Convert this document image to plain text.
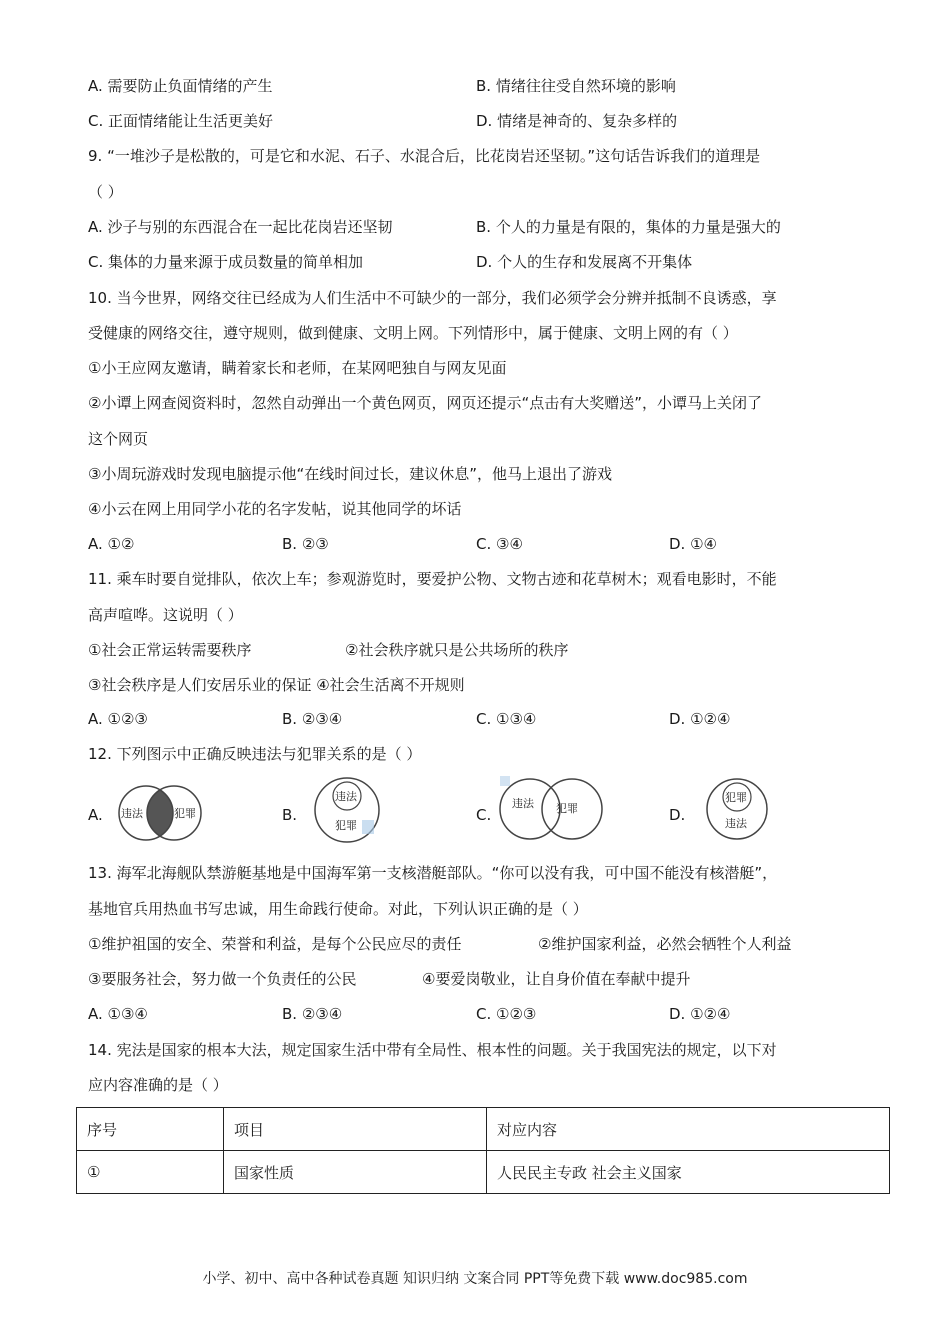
A. 需要防止负面情绪的产生	B. 情绪往往受自然环境的影响
C. 正面情绪能让生活更美好	D. 情绪是神奇的、复杂多样的
9. “一堆沙子是松散的，可是它和水泥、石子、水混合后，比花岗岩还坚韧。”这句话告诉我们的道理是
（ ）
A. 沙子与别的东西混合在一起比花岗岩还坚韧	B. 个人的力量是有限的，集体的力量是强大的
C. 集体的力量来源于成员数量的简单相加	D. 个人的生存和发展离不开集体
10. 当今世界，网络交往已经成为人们生活中不可缺少的一部分，我们必须学会分辨并抵制不良诱惑，享
受健康的网络交往，遵守规则，做到健康、文明上网。下列情形中，属于健康、文明上网的有（ ）
①小王应网友邀请，瞒着家长和老师，在某网吧独自与网友见面
②小谭上网查阅资料时，忽然自动弹出一个黄色网页，网页还提示“点击有大奖赠送”，小谭马上关闭了
这个网页
③小周玩游戏时发现电脑提示他“在线时间过长，建议休息”，他马上退出了游戏
④小云在网上用同学小花的名字发帖，说其他同学的坏话
A. ①②	B. ②③	C. ③④	D. ①④
11. 乘车时要自觉排队，依次上车；参观游览时，要爱护公物、文物古迹和花草树木；观看电影时，不能
高声喧哗。这说明（ ）
①社会正常运转需要秩序	②社会秩序就只是公共场所的秩序
③社会秩序是人们安居乐业的保证 ④社会生活离不开规则
A. ①②③	B. ②③④	C. ①③④	D. ①②④
12. 下列图示中正确反映违法与犯罪关系的是（ ）
A. 违法	犯罪	B.
违法
犯罪
C.
违法 犯罪	D.
犯罪
违法
13. 海军北海舰队禁游艇基地是中国海军第一支核潜艇部队。“你可以没有我，可中国不能没有核潜艇”，
基地官兵用热血书写忠诚，用生命践行使命。对此，下列认识正确的是（ ）
①维护祖国的安全、荣誉和利益，是每个公民应尽的责任	②维护国家利益，必然会牺牲个人利益
③要服务社会，努力做一个负责任的公民	④要爱岗敬业，让自身价值在奉献中提升
A. ①③④	B. ②③④	C. ①②③	D. ①②④
14. 宪法是国家的根本大法，规定国家生活中带有全局性、根本性的问题。关于我国宪法的规定，以下对
应内容准确的是（ ）
序号	项目	对应内容
①	国家性质	人民民主专政 社会主义国家
小学、初中、高中各种试卷真题 知识归纳 文案合同 PPT等免费下载 www.doc985.com
